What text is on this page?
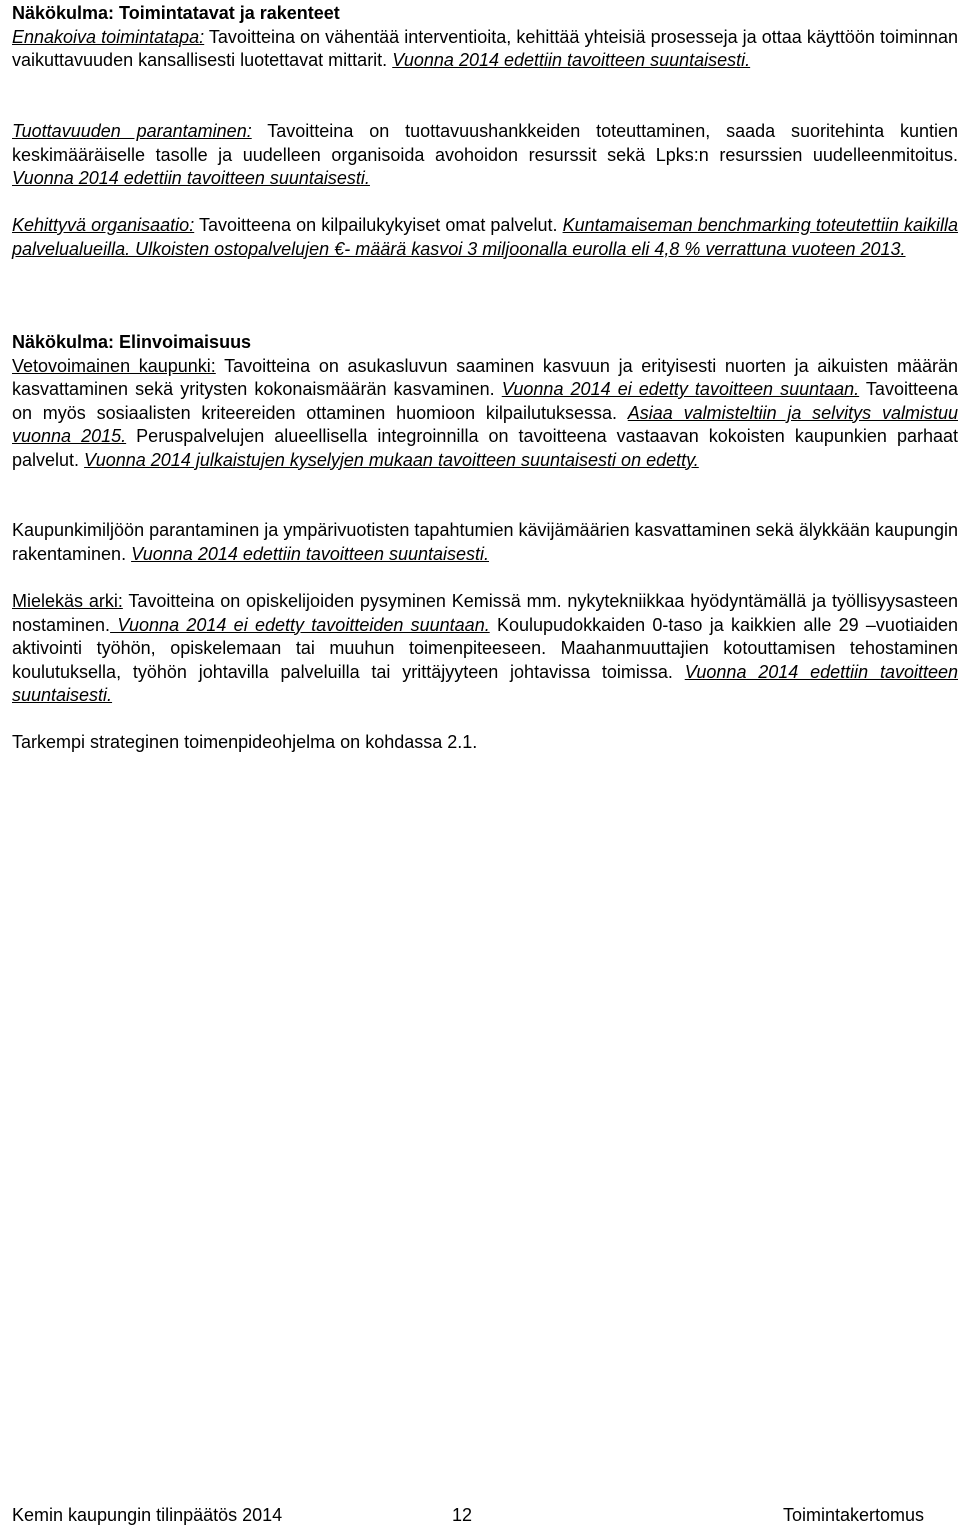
Näkökulma: Toimintatavat ja rakenteet

Ennakoiva toimintatapa: Tavoitteina on vähentää interventioita, kehittää yhteisiä prosesseja ja ottaa käyttöön toiminnan vaikuttavuuden kansallisesti luotettavat mittarit. Vuonna 2014 edettiin tavoitteen suuntaisesti.

Tuottavuuden parantaminen: Tavoitteina on tuottavuushankkeiden toteuttaminen, saada suoritehinta kuntien keskimääräiselle tasolle ja uudelleen organisoida avohoidon resurssit sekä Lpks:n resurssien uudelleenmitoitus. Vuonna 2014 edettiin tavoitteen suuntaisesti.

Kehittyvä organisaatio: Tavoitteena on kilpailukykyiset omat palvelut. Kuntamaiseman benchmarking toteutettiin kaikilla palvelualueilla. Ulkoisten ostopalvelujen €- määrä kasvoi 3 miljoonalla eurolla eli 4,8 % verrattuna vuoteen 2013.

Näkökulma: Elinvoimaisuus

Vetovoimainen kaupunki: Tavoitteina on asukasluvun saaminen kasvuun ja erityisesti nuorten ja aikuisten määrän kasvattaminen sekä yritysten kokonaismäärän kasvaminen. Vuonna 2014 ei edetty tavoitteen suuntaan. Tavoitteena on myös sosiaalisten kriteereiden ottaminen huomioon kilpailutuksessa. Asiaa valmisteltiin ja selvitys valmistuu vuonna 2015. Peruspalvelujen alueellisella integroinnilla on tavoitteena vastaavan kokoisten kaupunkien parhaat palvelut. Vuonna 2014 julkaistujen kyselyjen mukaan tavoitteen suuntaisesti on edetty.

Kaupunkimiljöön parantaminen ja ympärivuotisten tapahtumien kävijämäärien kasvattaminen sekä älykkään kaupungin rakentaminen. Vuonna 2014 edettiin tavoitteen suuntaisesti.

Mielekäs arki: Tavoitteina on opiskelijoiden pysyminen Kemissä mm. nykytekniikkaa hyödyntämällä ja työllisyysasteen nostaminen. Vuonna 2014 ei edetty tavoitteiden suuntaan. Koulupudokkaiden 0-taso ja kaikkien alle 29 –vuotiaiden aktivointi työhön, opiskelemaan tai muuhun toimenpiteeseen. Maahanmuuttajien kotouttamisen tehostaminen koulutuksella, työhön johtavilla palveluilla tai yrittäjyyteen johtavissa toimissa. Vuonna 2014 edettiin tavoitteen suuntaisesti.

Tarkempi strateginen toimenpideohjelma on kohdassa 2.1.

Kemin kaupungin tilinpäätös 2014	12	Toimintakertomus
